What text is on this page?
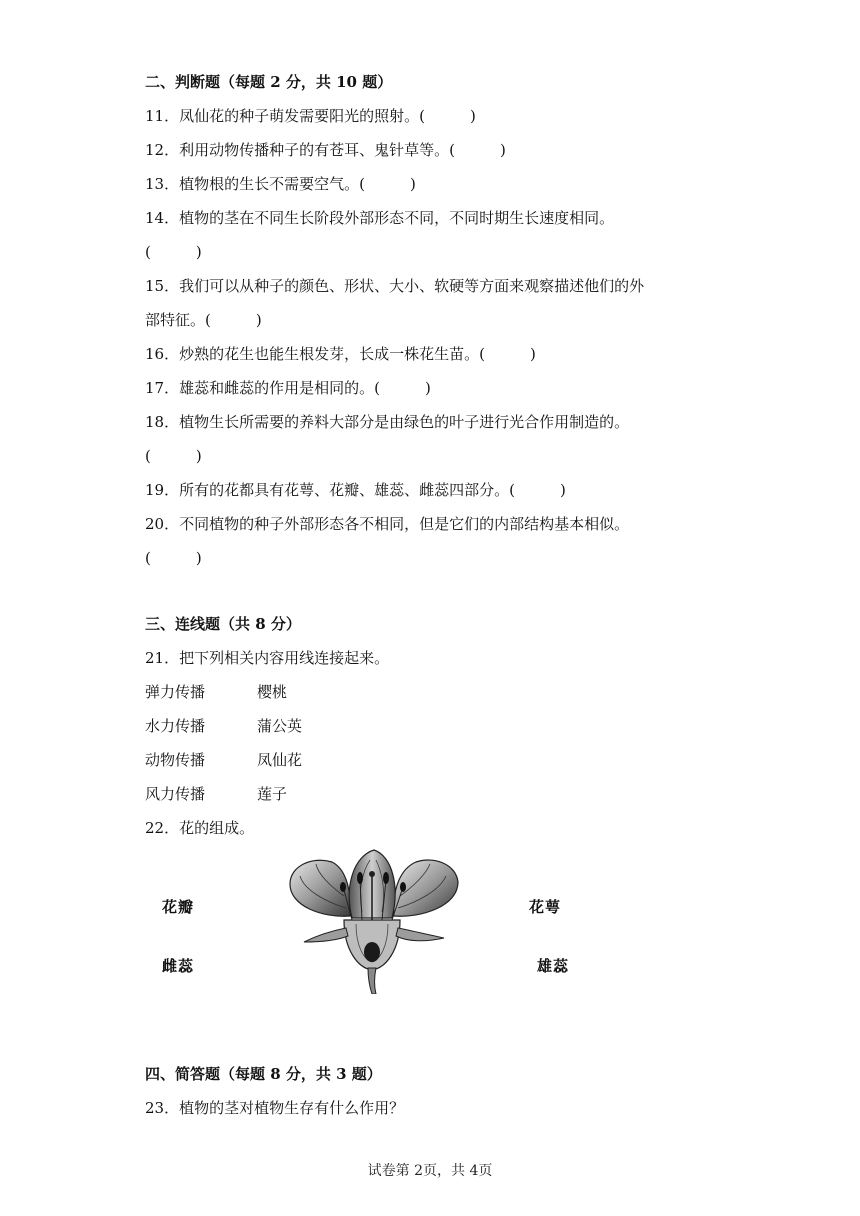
二、判断题（每题 2 分，共 10 题）
11．凤仙花的种子萌发需要阳光的照射。(　　　)
12．利用动物传播种子的有苍耳、鬼针草等。(　　　)
13．植物根的生长不需要空气。(　　　)
14．植物的茎在不同生长阶段外部形态不同，不同时期生长速度相同。
(　　　)
15．我们可以从种子的颜色、形状、大小、软硬等方面来观察描述他们的外
部特征。(　　　)
16．炒熟的花生也能生根发芽，长成一株花生苗。(　　　)
17．雄蕊和雌蕊的作用是相同的。(　　　)
18．植物生长所需要的养料大部分是由绿色的叶子进行光合作用制造的。
(　　　)
19．所有的花都具有花萼、花瓣、雄蕊、雌蕊四部分。(　　　)
20．不同植物的种子外部形态各不相同，但是它们的内部结构基本相似。
(　　　)
三、连线题（共 8 分）
21．把下列相关内容用线连接起来。
弹力传播	樱桃
水力传播	蒲公英
动物传播	凤仙花
风力传播	莲子
22．花的组成。
花瓣
雌蕊
花萼
雄蕊
四、简答题（每题 8 分，共 3 题）
23．植物的茎对植物生存有什么作用？
试卷第 2页，共 4页
